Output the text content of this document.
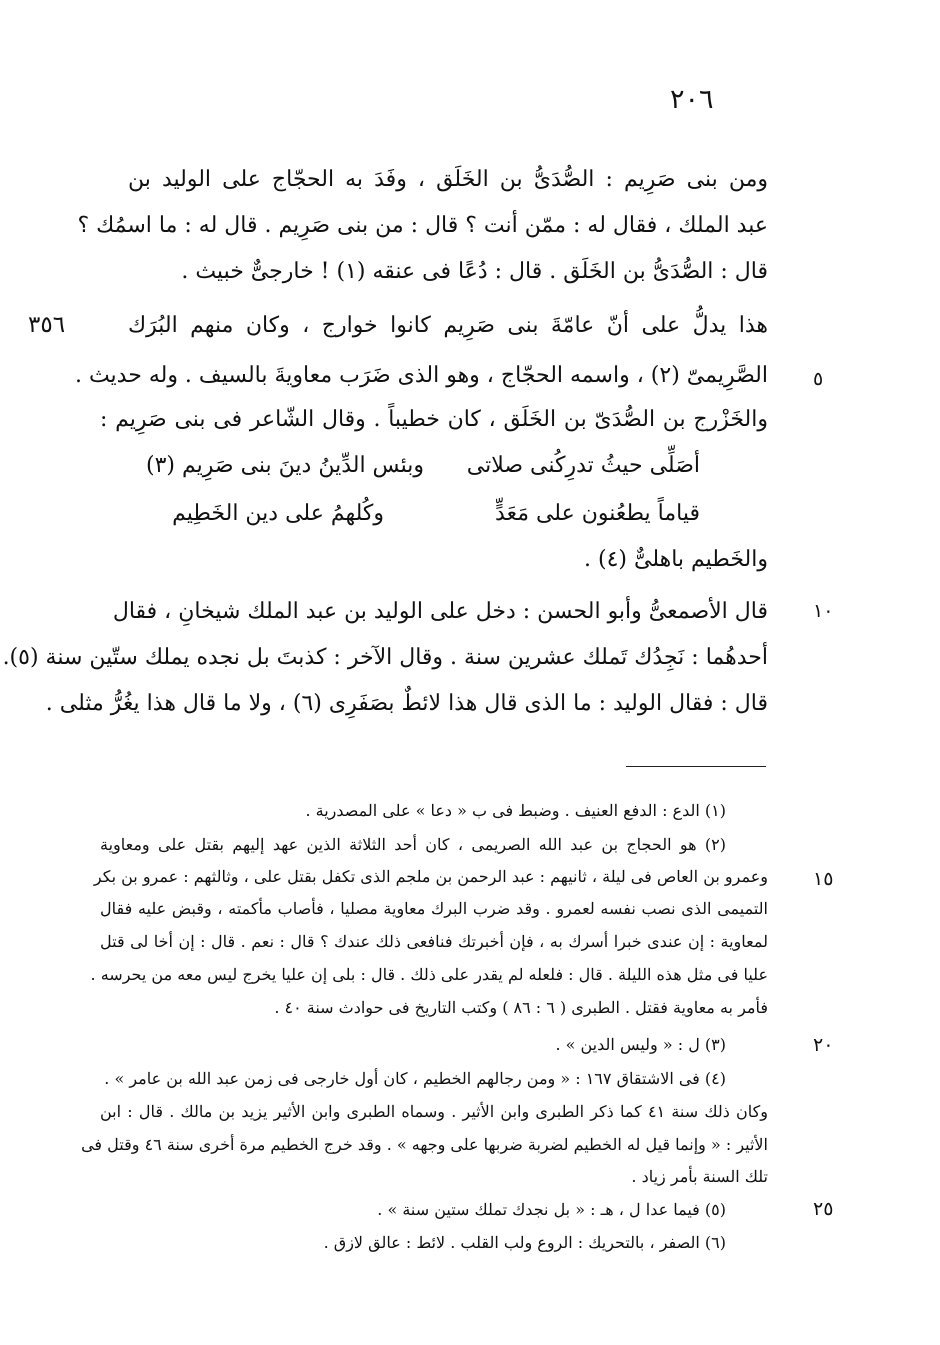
٢٠٦
٣٥٦
٥
١٠
١٥
٢٠
٢٥
ومن بنى صَرِيم : الصُّدَىُّ بن الخَلَق ، وفَدَ به الحجّاج على الوليد بن
عبد الملك ، فقال له : ممّن أنت ؟ قال : من بنى صَرِيم . قال له : ما اسمُك ؟
قال : الصُّدَىُّ بن الخَلَق . قال : دُعًا فى عنقه (١) ! خارجىٌّ خبيث .
هذا يدلُّ على أنّ عامّةَ بنى صَرِيم كانوا خوارج ، وكان منهم البُرَك
الصَّرِيمىّ (٢) ، واسمه الحجّاج ، وهو الذى ضَرَب معاويةَ بالسيف . وله حديث .
والخَزْرج بن الصُّدَىّ بن الخَلَق ، كان خطيباً . وقال الشّاعر فى بنى صَرِيم :
أصَلِّى حيثُ تدرِكُنى صلاتى
وبئس الدِّينُ دينَ بنى صَرِيم (٣)
قياماً يطعُنون على مَعَدٍّ
وكُلهمُ على دين الخَطِيم
والخَطيم باهلىٌّ (٤) .
قال الأصمعىُّ وأبو الحسن : دخل على الوليد بن عبد الملك شيخانِ ، فقال
أحدهُما : نَجِدُك تَملك عشرين سنة . وقال الآخر : كذبتَ بل نجده يملك ستّين سنة (٥).
قال : فقال الوليد : ما الذى قال هذا لائطٌ بصَفَرِى (٦) ، ولا ما قال هذا يغُرُّ مثلى .
(١) الدع : الدفع العنيف . وضبط فى ب « دعا » على المصدرية .
(٢) هو الحجاج بن عبد الله الصريمى ، كان أحد الثلاثة الذين عهد إليهم بقتل على ومعاوية
وعمرو بن العاص فى ليلة ، ثانيهم : عبد الرحمن بن ملجم الذى تكفل بقتل على ، وثالثهم : عمرو بن بكر
التميمى الذى نصب نفسه لعمرو . وقد ضرب البرك معاوية مصليا ، فأصاب مأكمته ، وقبض عليه فقال
لمعاوية : إن عندى خبرا أسرك به ، فإن أخبرتك فنافعى ذلك عندك ؟ قال : نعم . قال : إن أخا لى قتل
عليا فى مثل هذه الليلة . قال : فلعله لم يقدر على ذلك . قال : بلى إن عليا يخرج ليس معه من يحرسه .
فأمر به معاوية فقتل . الطبرى ( ٦ : ٨٦ ) وكتب التاريخ فى حوادث سنة ٤٠ .
(٣) ل : « وليس الدين » .
(٤) فى الاشتقاق ١٦٧ : « ومن رجالهم الخطيم ، كان أول خارجى فى زمن عبد الله بن عامر » .
وكان ذلك سنة ٤١ كما ذكر الطبرى وابن الأثير . وسماه الطبرى وابن الأثير يزيد بن مالك . قال : ابن
الأثير : « وإنما قيل له الخطيم لضربة ضربها على وجهه » . وقد خرج الخطيم مرة أخرى سنة ٤٦ وقتل فى
تلك السنة بأمر زياد .
(٥) فيما عدا ل ، هـ : « بل نجدك تملك ستين سنة » .
(٦) الصفر ، بالتحريك : الروع ولب القلب . لائط : عالق لازق .
